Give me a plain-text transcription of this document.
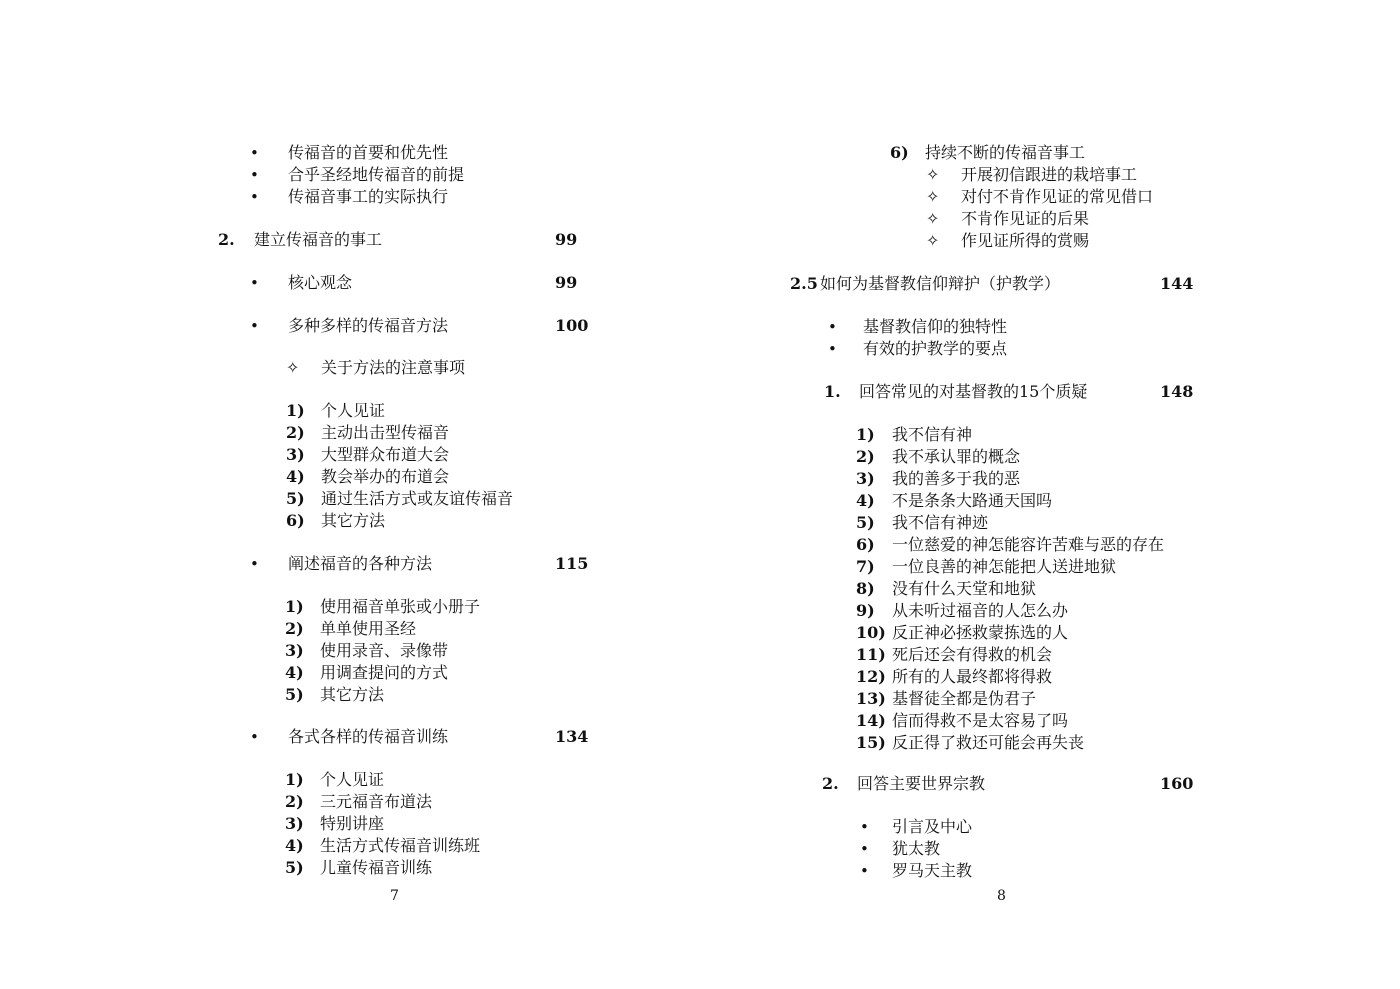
• 传福音的首要和优先性
• 合乎圣经地传福音的前提
• 传福音事工的实际执行
2. 建立传福音的事工	99
• 核心观念	99
• 多种多样的传福音方法	100
✧ 关于方法的注意事项
1) 个人见证
2) 主动出击型传福音
3) 大型群众布道大会
4) 教会举办的布道会
5) 通过生活方式或友谊传福音
6) 其它方法
• 阐述福音的各种方法	115
1) 使用福音单张或小册子
2) 单单使用圣经
3) 使用录音、录像带
4) 用调查提问的方式
5) 其它方法
• 各式各样的传福音训练	134
1) 个人见证
2) 三元福音布道法
3) 特别讲座
4) 生活方式传福音训练班
5) 儿童传福音训练
7
6) 持续不断的传福音事工
✧ 开展初信跟进的栽培事工
✧ 对付不肯作见证的常见借口
✧ 不肯作见证的后果
✧ 作见证所得的赏赐
2.5 如何为基督教信仰辩护（护教学）	144
• 基督教信仰的独特性
• 有效的护教学的要点
1. 回答常见的对基督教的15个质疑	148
1) 我不信有神
2) 我不承认罪的概念
3) 我的善多于我的恶
4) 不是条条大路通天国吗
5) 我不信有神迹
6) 一位慈爱的神怎能容许苦难与恶的存在
7) 一位良善的神怎能把人送进地狱
8) 没有什么天堂和地狱
9) 从未听过福音的人怎么办
10) 反正神必拯救蒙拣选的人
11) 死后还会有得救的机会
12) 所有的人最终都将得救
13) 基督徒全都是伪君子
14) 信而得救不是太容易了吗
15) 反正得了救还可能会再失丧
2. 回答主要世界宗教	160
• 引言及中心
• 犹太教
• 罗马天主教
8
